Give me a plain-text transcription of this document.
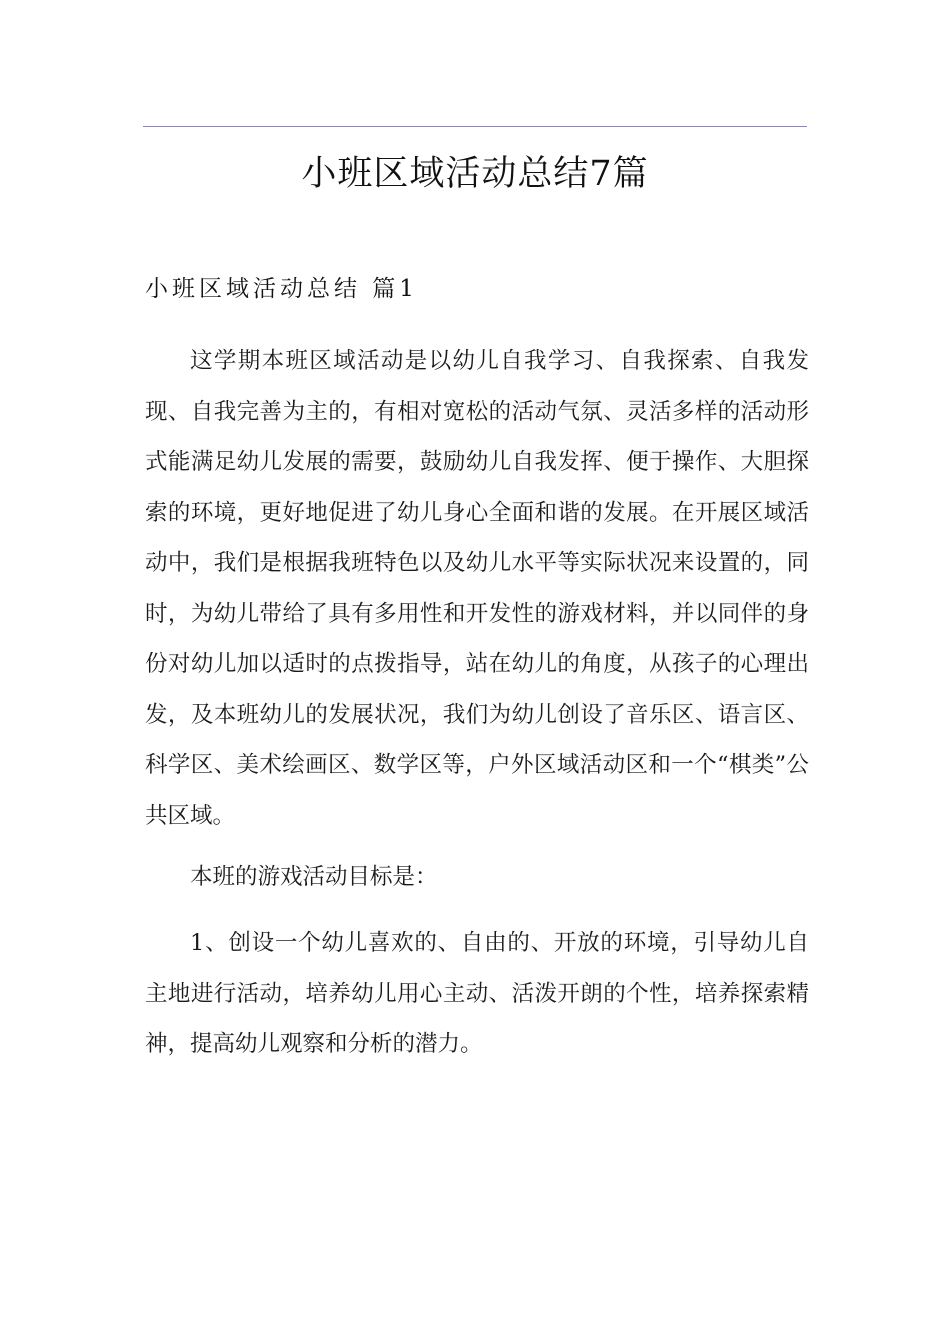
小班区域活动总结7篇
小班区域活动总结 篇1

这学期本班区域活动是以幼儿自我学习、自我探索、自我发现、自我完善为主的，有相对宽松的活动气氛、灵活多样的活动形式能满足幼儿发展的需要，鼓励幼儿自我发挥、便于操作、大胆探索的环境，更好地促进了幼儿身心全面和谐的发展。在开展区域活动中，我们是根据我班特色以及幼儿水平等实际状况来设置的，同时，为幼儿带给了具有多用性和开发性的游戏材料，并以同伴的身份对幼儿加以适时的点拨指导，站在幼儿的角度，从孩子的心理出发，及本班幼儿的发展状况，我们为幼儿创设了音乐区、语言区、科学区、美术绘画区、数学区等，户外区域活动区和一个“棋类”公共区域。

本班的游戏活动目标是：

1、创设一个幼儿喜欢的、自由的、开放的环境，引导幼儿自主地进行活动，培养幼儿用心主动、活泼开朗的个性，培养探索精神，提高幼儿观察和分析的潜力。
